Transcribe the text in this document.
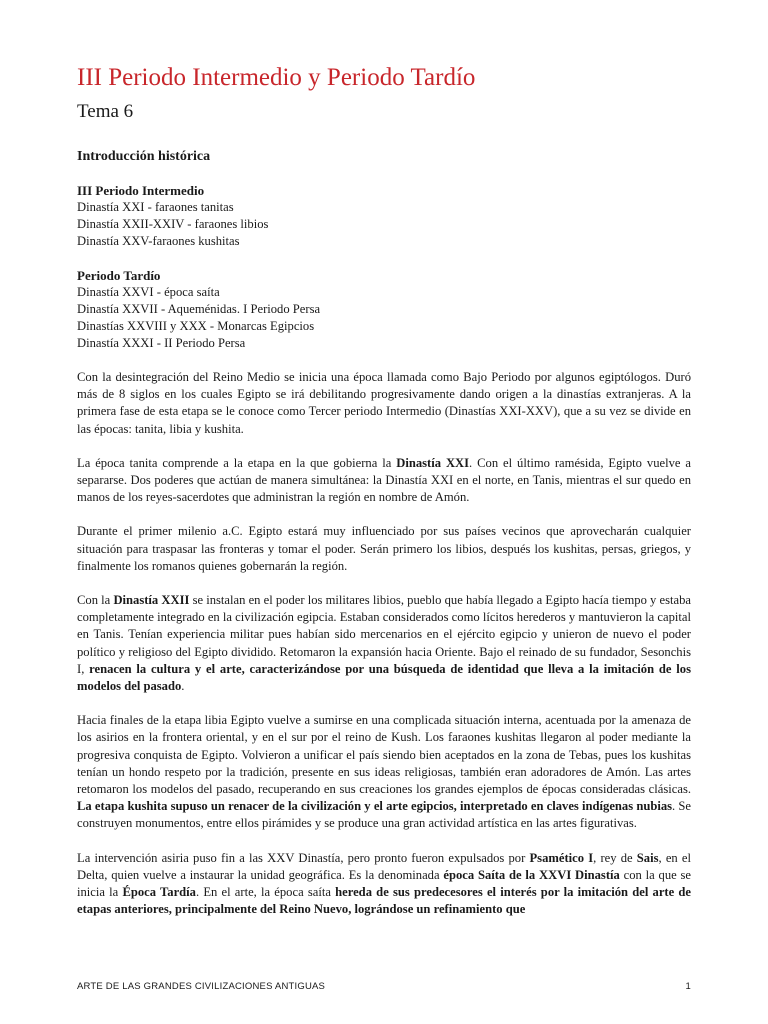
III Periodo Intermedio y Periodo Tardío
Tema 6
Introducción histórica
III Periodo Intermedio
Dinastía XXI - faraones tanitas
Dinastía XXII-XXIV - faraones libios
Dinastía XXV-faraones kushitas
Periodo Tardío
Dinastía XXVI - época saíta
Dinastía XXVII - Aqueménidas. I Periodo Persa
Dinastías XXVIII y XXX - Monarcas Egipcios
Dinastía XXXI - II Periodo Persa

Con la desintegración del Reino Medio se inicia una época llamada como Bajo Periodo por algunos egiptólogos. Duró más de 8 siglos en los cuales Egipto se irá debilitando progresivamente dando origen a la dinastías extranjeras. A la primera fase de esta etapa se le conoce como Tercer periodo Intermedio (Dinastías XXI-XXV), que a su vez se divide en las épocas: tanita, libia y kushita.

La época tanita comprende a la etapa en la que gobierna la Dinastía XXI. Con el último ramésida, Egipto vuelve a separarse. Dos poderes que actúan de manera simultánea: la Dinastía XXI en el norte, en Tanis, mientras el sur quedo en manos de los reyes-sacerdotes que administran la región en nombre de Amón.

Durante el primer milenio a.C. Egipto estará muy influenciado por sus países vecinos que aprovecharán cualquier situación para traspasar las fronteras y tomar el poder. Serán primero los libios, después los kushitas, persas, griegos, y finalmente los romanos quienes gobernarán la región.

Con la Dinastía XXII se instalan en el poder los militares libios, pueblo que había llegado a Egipto hacía tiempo y estaba completamente integrado en la civilización egipcia. Estaban considerados como lícitos herederos y mantuvieron la capital en Tanis. Tenían experiencia militar pues habían sido mercenarios en el ejército egipcio y unieron de nuevo el poder político y religioso del Egipto dividido. Retomaron la expansión hacia Oriente. Bajo el reinado de su fundador, Sesonchis I, renacen la cultura y el arte, caracterizándose por una búsqueda de identidad que lleva a la imitación de los modelos del pasado.

Hacia finales de la etapa libia Egipto vuelve a sumirse en una complicada situación interna, acentuada por la amenaza de los asirios en la frontera oriental, y en el sur por el reino de Kush. Los faraones kushitas llegaron al poder mediante la progresiva conquista de Egipto. Volvieron a unificar el país siendo bien aceptados en la zona de Tebas, pues los kushitas tenían un hondo respeto por la tradición, presente en sus ideas religiosas, también eran adoradores de Amón. Las artes retomaron los modelos del pasado, recuperando en sus creaciones los grandes ejemplos de épocas consideradas clásicas. La etapa kushita supuso un renacer de la civilización y el arte egipcios, interpretado en claves indígenas nubias. Se construyen monumentos, entre ellos pirámides y se produce una gran actividad artística en las artes figurativas.

La intervención asiria puso fin a las XXV Dinastía, pero pronto fueron expulsados por Psamético I, rey de Sais, en el Delta, quien vuelve a instaurar la unidad geográfica. Es la denominada época Saíta de la XXVI Dinastía con la que se inicia la Época Tardía. En el arte, la época saíta hereda de sus predecesores el interés por la imitación del arte de etapas anteriores, principalmente del Reino Nuevo, lográndose un refinamiento que

ARTE DE LAS GRANDES CIVILIZACIONES ANTIGUAS	1
